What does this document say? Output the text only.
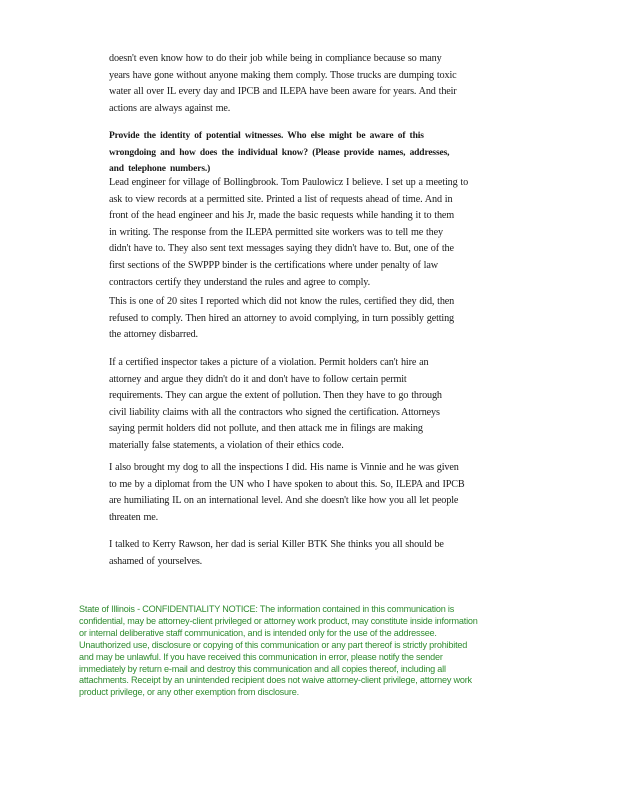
doesn't even know how to do their job while being in compliance because so many
years have gone without anyone making them comply. Those trucks are dumping toxic
water all over IL every day and IPCB and ILEPA have been aware for years. And their
actions are always against me.
Provide the identity of potential witnesses. Who else might be aware of this
wrongdoing and how does the individual know? (Please provide names, addresses,
and telephone numbers.)
Lead engineer for village of Bollingbrook. Tom Paulowicz I believe. I set up a meeting to
ask to view records at a permitted site. Printed a list of requests ahead of time. And in
front of the head engineer and his Jr, made the basic requests while handing it to them
in writing. The response from the ILEPA permitted site workers was to tell me they
didn't have to. They also sent text messages saying they didn't have to. But, one of the
first sections of the SWPPP binder is the certifications where under penalty of law
contractors certify they understand the rules and agree to comply.
This is one of 20 sites I reported which did not know the rules, certified they did, then
refused to comply. Then hired an attorney to avoid complying, in turn possibly getting
the attorney disbarred.
If a certified inspector takes a picture of a violation. Permit holders can't hire an
attorney and argue they didn't do it and don't have to follow certain permit
requirements. They can argue the extent of pollution. Then they have to go through
civil liability claims with all the contractors who signed the certification. Attorneys
saying permit holders did not pollute, and then attack me in filings are making
materially false statements, a violation of their ethics code.
I also brought my dog to all the inspections I did. His name is Vinnie and he was given
to me by a diplomat from the UN who I have spoken to about this. So, ILEPA and IPCB
are humiliating IL on an international level. And she doesn't like how you all let people
threaten me.
I talked to Kerry Rawson, her dad is serial Killer BTK She thinks you all should be
ashamed of yourselves.
State of Illinois - CONFIDENTIALITY NOTICE: The information contained in this communication is
confidential, may be attorney-client privileged or attorney work product, may constitute inside information
or internal deliberative staff communication, and is intended only for the use of the addressee.
Unauthorized use, disclosure or copying of this communication or any part thereof is strictly prohibited
and may be unlawful. If you have received this communication in error, please notify the sender
immediately by return e-mail and destroy this communication and all copies thereof, including all
attachments. Receipt by an unintended recipient does not waive attorney-client privilege, attorney work
product privilege, or any other exemption from disclosure.
